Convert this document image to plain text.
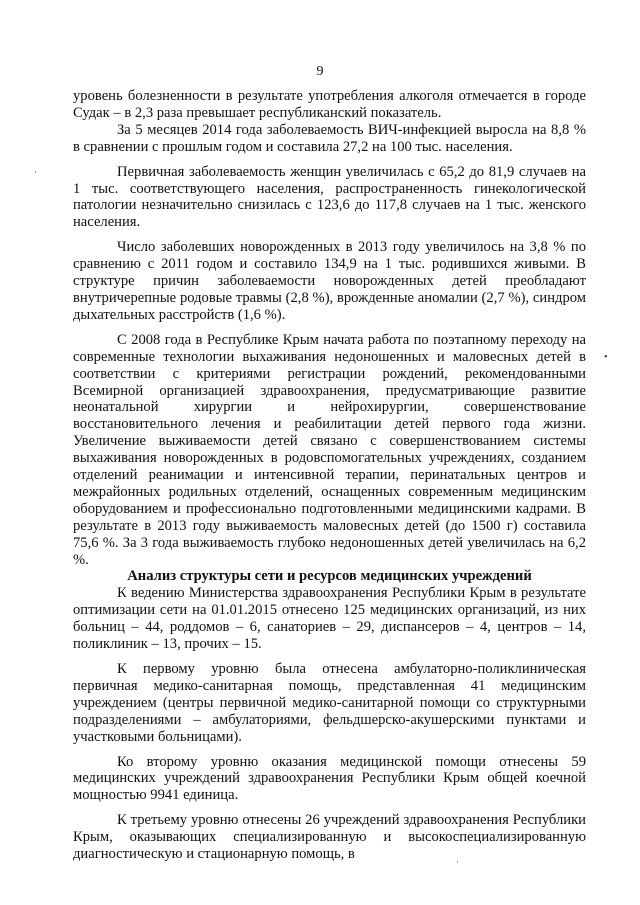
9
ˈ
•
ˌ

уровень болезненности в результате употребления алкоголя отмечается в городе Судак – в 2,3 раза превышает республиканский показатель.

За 5 месяцев 2014 года заболеваемость ВИЧ-инфекцией выросла на 8,8 % в сравнении с прошлым годом и составила 27,2 на 100 тыс. населения.

Первичная заболеваемость женщин увеличилась с 65,2 до 81,9 случаев на 1 тыс. соответствующего населения, распространенность гинекологической патологии незначительно снизилась с 123,6 до 117,8 случаев на 1 тыс. женского населения.

Число заболевших новорожденных в 2013 году увеличилось на 3,8 % по сравнению с 2011 годом и составило 134,9 на 1 тыс. родившихся живыми. В структуре причин заболеваемости новорожденных детей преобладают внутричерепные родовые травмы (2,8 %), врожденные аномалии (2,7 %), синдром дыхательных расстройств (1,6 %).

С 2008 года в Республике Крым начата работа по поэтапному переходу на современные технологии выхаживания недоношенных и маловесных детей в соответствии с критериями регистрации рождений, рекомендованными Всемирной организацией здравоохранения, предусматривающие развитие неонатальной хирургии и нейрохирургии, совершенствование восстановительного лечения и реабилитации детей первого года жизни. Увеличение выживаемости детей связано с совершенствованием системы выхаживания новорожденных в родовспомогательных учреждениях, созданием отделений реанимации и интенсивной терапии, перинатальных центров и межрайонных родильных отделений, оснащенных современным медицинским оборудованием и профессионально подготовленными медицинскими кадрами. В результате в 2013 году выживаемость маловесных детей (до 1500 г) составила 75,6 %. За 3 года выживаемость глубоко недоношенных детей увеличилась на 6,2 %.

Анализ структуры сети и ресурсов медицинских учреждений

К ведению Министерства здравоохранения Республики Крым в результате оптимизации сети на 01.01.2015 отнесено 125 медицинских организаций, из них больниц – 44, роддомов – 6, санаториев – 29, диспансеров – 4, центров – 14, поликлиник – 13, прочих – 15.

К первому уровню была отнесена амбулаторно-поликлиническая первичная медико-санитарная помощь, представленная 41 медицинским учреждением (центры первичной медико-санитарной помощи со структурными подразделениями – амбулаториями, фельдшерско-акушерскими пунктами и участковыми больницами).

Ко второму уровню оказания медицинской помощи отнесены 59 медицинских учреждений здравоохранения Республики Крым общей коечной мощностью 9941 единица.

К третьему уровню отнесены 26 учреждений здравоохранения Республики Крым, оказывающих специализированную и высокоспециализированную диагностическую и стационарную помощь, в
